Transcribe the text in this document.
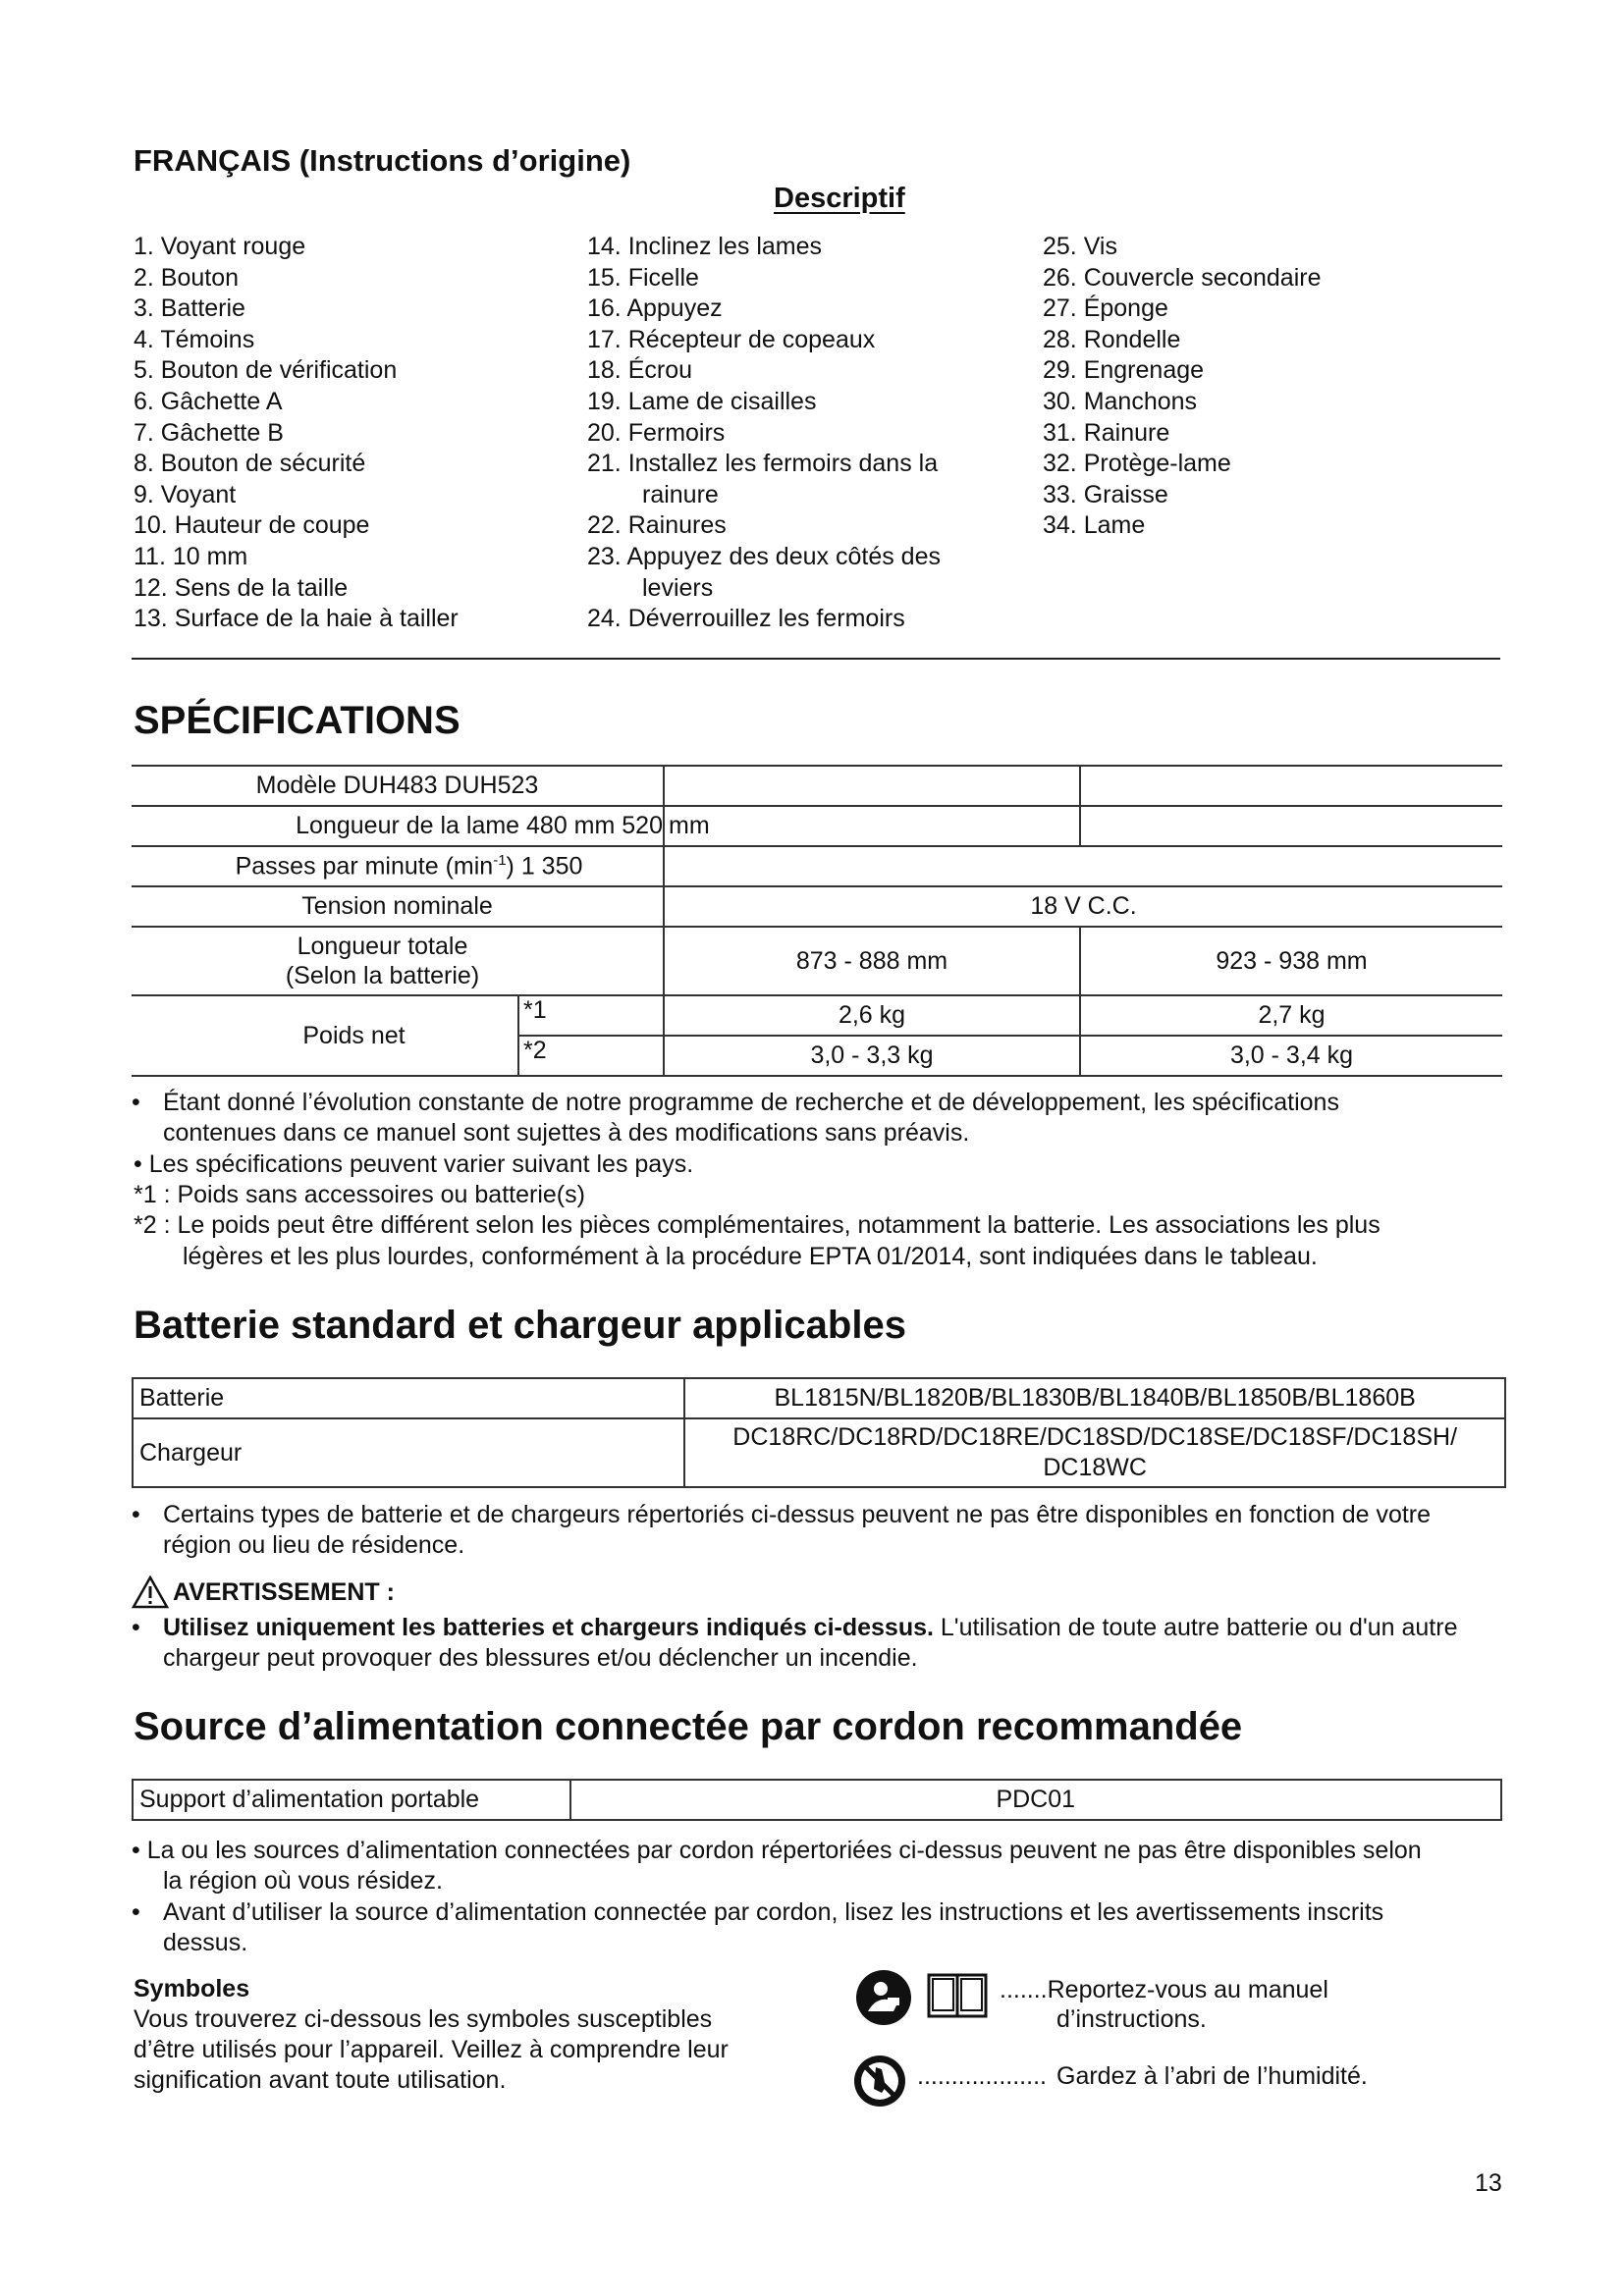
FRANÇAIS (Instructions d’origine)
Descriptif
1. Voyant rouge
2. Bouton
3. Batterie
4. Témoins
5. Bouton de vérification
6. Gâchette A
7. Gâchette B
8. Bouton de sécurité
9. Voyant
10. Hauteur de coupe
11. 10 mm
12. Sens de la taille
13. Surface de la haie à tailler
14. Inclinez les lames
15. Ficelle
16. Appuyez
17. Récepteur de copeaux
18. Écrou
19. Lame de cisailles
20. Fermoirs
21. Installez les fermoirs dans la
rainure
22. Rainures
23. Appuyez des deux côtés des
leviers
24. Déverrouillez les fermoirs
25. Vis
26. Couvercle secondaire
27. Éponge
28. Rondelle
29. Engrenage
30. Manchons
31. Rainure
32. Protège-lame
33. Graisse
34. Lame
SPÉCIFICATIONS
Modèle DUH483 DUH523			
Longueur de la lame 480 mm 520		mm	
Passes par minute $(\min^{-1})$ 1 350			
Tension nominale		18 V C.C.	

Longueur totale
(Selon la batterie)		873 - 888 mm	923 - 938 mm
Poids net	*1	2,6 kg	2,7 kg
	*2	3,0 - 3,3 kg	3,0 - 3,4 kg
• Étant donné l’évolution constante de notre programme de recherche et de développement, les spécifications
contenues dans ce manuel sont sujettes à des modifications sans préavis.
• Les spécifications peuvent varier suivant les pays.
*1 : Poids sans accessoires ou batterie(s)
*2 : Le poids peut être différent selon les pièces complémentaires, notamment la batterie. Les associations les plus
légères et les plus lourdes, conformément à la procédure EPTA 01/2014, sont indiquées dans le tableau.
Batterie standard et chargeur applicables
Batterie	BL1815N/BL1820B/BL1830B/BL1840B/BL1850B/BL1860B
Chargeur	DC18RC/DC18RD/DC18RE/DC18SD/DC18SE/DC18SF/DC18SH/
DC18WC
• Certains types de batterie et de chargeurs répertoriés ci-dessus peuvent ne pas être disponibles en fonction de votre
région ou lieu de résidence.
AVERTISSEMENT :
• Utilisez uniquement les batteries et chargeurs indiqués ci-dessus. L'utilisation de toute autre batterie ou d'un autre
chargeur peut provoquer des blessures et/ou déclencher un incendie.
Source d’alimentation connectée par cordon recommandée
Support d’alimentation portable	PDC01
• La ou les sources d’alimentation connectées par cordon répertoriées ci-dessus peuvent ne pas être disponibles selon
la région où vous résidez.
• Avant d’utiliser la source d’alimentation connectée par cordon, lisez les instructions et les avertissements inscrits
dessus.
Symboles
Vous trouverez ci-dessous les symboles susceptibles
d’être utilisés pour l’appareil. Veillez à comprendre leur
signification avant toute utilisation.
.......Reportez-vous au manuel
d’instructions.
................... Gardez à l’abri de l’humidité.
13
